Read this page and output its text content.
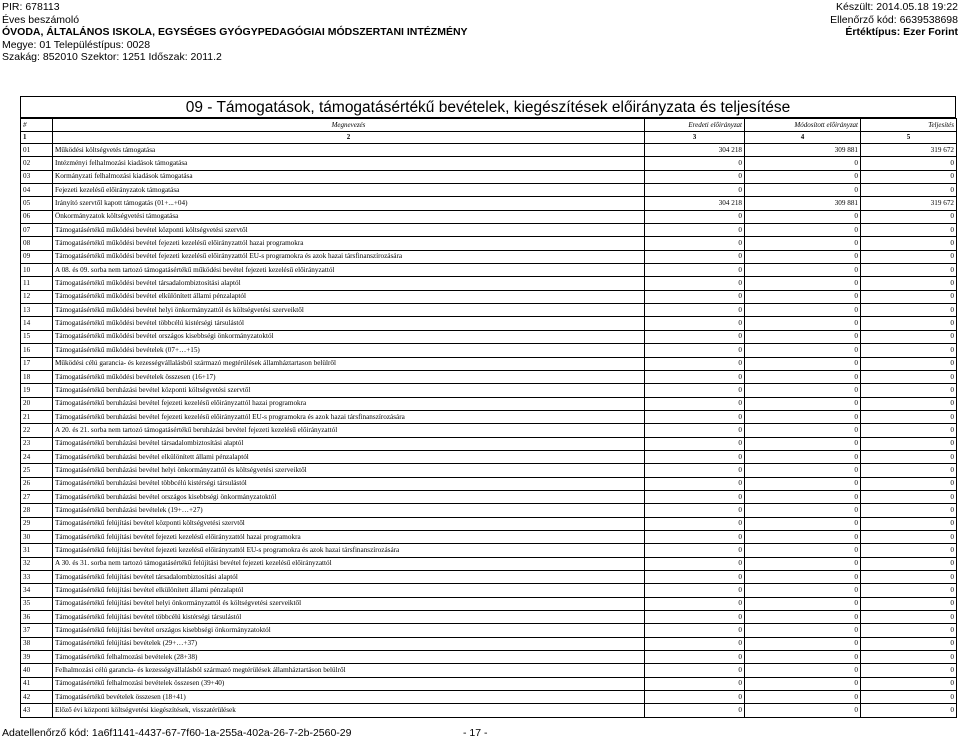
PIR: 678113
Éves beszámoló
ÓVODA, ÁLTALÁNOS ISKOLA, EGYSÉGES GYÓGYPEDAGÓGIAI MÓDSZERTANI INTÉZMÉNY
Megye: 01 Településtípus: 0028
Szakág: 852010 Szektor: 1251 Időszak: 2011.2
Készült: 2014.05.18 19:22
Ellenőrző kód: 6639538698
Értéktípus: Ezer Forint
09 - Támogatások, támogatásértékű bevételek, kiegészítések előirányzata és teljesítése
#	Megnevezés	Eredeti előirányzat	Módosított előirányzat	Teljesítés
1	2	3	4	5
01	Működési költségvetés támogatása	304 218	309 881	319 672
02	Intézményi felhalmozási kiadások támogatása	0	0	0
03	Kormányzati felhalmozási kiadások támogatása	0	0	0
04	Fejezeti kezelésű előirányzatok támogatása	0	0	0
05	Irányító szervtől kapott támogatás (01+...+04)	304 218	309 881	319 672
06	Önkormányzatok költségvetési támogatása	0	0	0
07	Támogatásértékű működési bevétel központi költségvetési szervtől	0	0	0
08	Támogatásértékű működési bevétel fejezeti kezelésű előirányzattól hazai programokra	0	0	0
09	Támogatásértékű működési bevétel fejezeti kezelésű előirányzattól EU-s programokra és azok hazai társfinanszírozására	0	0	0
10	A 08. és 09. sorba nem tartozó támogatásértékű működési bevétel fejezeti kezelésű előirányzattól	0	0	0
11	Támogatásértékű működési bevétel társadalombiztosítási alaptól	0	0	0
12	Támogatásértékű működési bevétel elkülönített állami pénzalaptól	0	0	0
13	Támogatásértékű működési bevétel helyi önkormányzattól és költségvetési szerveiktől	0	0	0
14	Támogatásértékű működési bevétel többcélú kistérségi társulástól	0	0	0
15	Támogatásértékű működési bevétel országos kisebbségi önkormányzatoktól	0	0	0
16	Támogatásértékű működési bevételek (07+…+15)	0	0	0
17	Működési célú garancia- és kezességvállalásból származó megtérülések államháztartason belülről	0	0	0
18	Támogatásértékű működési bevételek összesen (16+17)	0	0	0
19	Támogatásértékű beruházási bevétel központi költségvetési szervtől	0	0	0
20	Támogatásértékű beruházási bevétel fejezeti kezelésű előirányzattól hazai programokra	0	0	0
21	Támogatásértékű beruházási bevétel fejezeti kezelésű előirányzattól EU-s programokra és azok hazai társfinanszírozására	0	0	0
22	A 20. és 21. sorba nem tartozó támogatásértékű beruházási bevétel fejezeti kezelésű előirányzattól	0	0	0
23	Támogatásértékű beruházási bevétel társadalombiztosítási alaptól	0	0	0
24	Támogatásértékű beruházási bevétel elkülönített állami pénzalaptól	0	0	0
25	Támogatásértékű beruházási bevétel helyi önkormányzattól és költségvetési szerveiktől	0	0	0
26	Támogatásértékű beruházási bevétel többcélú kistérségi társulástól	0	0	0
27	Támogatásértékű beruházási bevétel országos kisebbségi önkormányzatoktól	0	0	0
28	Támogatásértékű beruházási bevételek (19+…+27)	0	0	0
29	Támogatásértékű felújítási bevétel központi költségvetési szervtől	0	0	0
30	Támogatásértékű felújítási bevétel fejezeti kezelésű előirányzattól hazai programokra	0	0	0
31	Támogatásértékű felújítási bevétel fejezeti kezelésű előirányzattól EU-s programokra és azok hazai társfinanszírozására	0	0	0
32	A 30. és 31. sorba nem tartozó támogatásértékű felújítási bevétel fejezeti kezelésű előirányzattól	0	0	0
33	Támogatásértékű felújítási bevétel társadalombiztosítási alaptól	0	0	0
34	Támogatásértékű felújítási bevétel elkülönített állami pénzalaptól	0	0	0
35	Támogatásértékű felújítási bevétel helyi önkormányzattól és költségvetési szerveiktől	0	0	0
36	Támogatásértékű felújítási bevétel többcélú kistérségi társulástól	0	0	0
37	Támogatásértékű felújítási bevétel országos kisebbségi önkormányzatoktól	0	0	0
38	Támogatásértékű felújítási bevételek (29+…+37)	0	0	0
39	Támogatásértékű felhalmozási bevételek (28+38)	0	0	0
40	Felhalmozási célú garancia- és kezességvállalásból származó megtérülések államháztartáson belülről	0	0	0
41	Támogatásértékű felhalmozási bevételek összesen (39+40)	0	0	0
42	Támogatásértékű bevételek összesen (18+41)	0	0	0
43	Előző évi központi költségvetési kiegészítések, visszatérülések	0	0	0
Adatellenőrző kód: 1a6f1141-4437-67-7f60-1a-255a-402a-26-7-2b-2560-29	- 17 -
